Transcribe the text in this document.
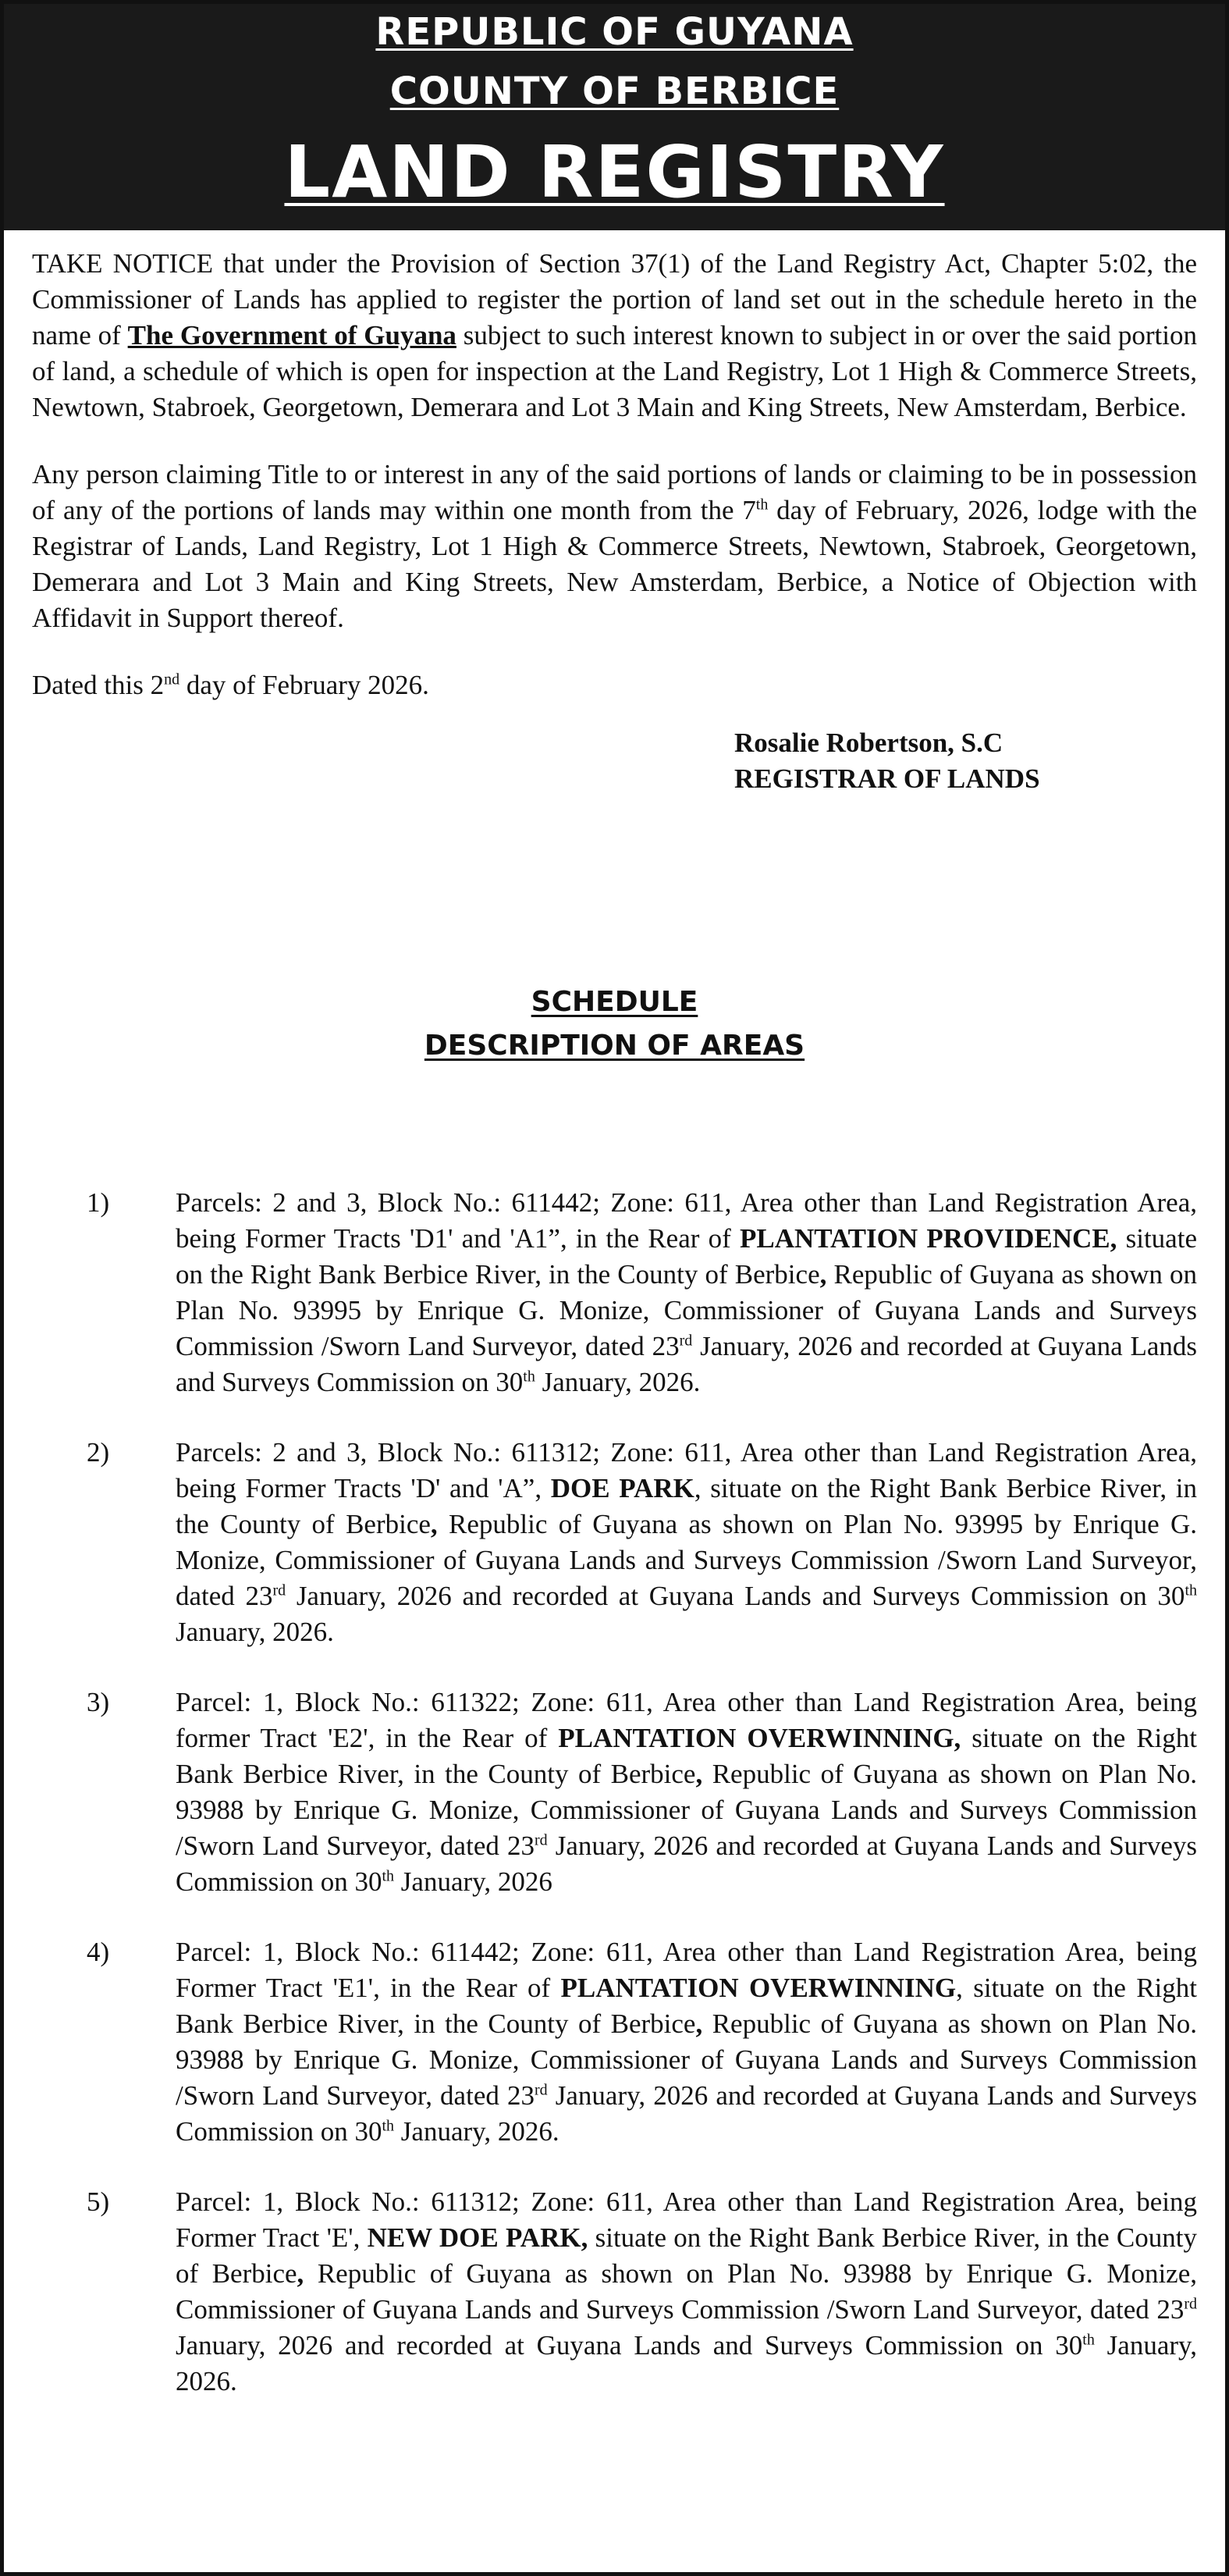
REPUBLIC OF GUYANA
COUNTY OF BERBICE
LAND REGISTRY

TAKE NOTICE that under the Provision of Section 37(1) of the Land Registry Act, Chapter 5:02, the Commissioner of Lands has applied to register the portion of land set out in the schedule hereto in the name of The Government of Guyana subject to such interest known to subject in or over the said portion of land, a schedule of which is open for inspection at the Land Registry, Lot 1 High & Commerce Streets, Newtown, Stabroek, Georgetown, Demerara and Lot 3 Main and King Streets, New Amsterdam, Berbice.

Any person claiming Title to or interest in any of the said portions of lands or claiming to be in possession of any of the portions of lands may within one month from the 7th day of February, 2026, lodge with the Registrar of Lands, Land Registry, Lot 1 High & Commerce Streets, Newtown, Stabroek, Georgetown, Demerara and Lot 3 Main and King Streets, New Amsterdam, Berbice, a Notice of Objection with Affidavit in Support thereof.

Dated this 2nd day of February 2026.

Rosalie Robertson, S.C
REGISTRAR OF LANDS
SCHEDULE
DESCRIPTION OF AREAS
1)	Parcels: 2 and 3, Block No.: 611442; Zone: 611, Area other than Land Registration Area, being Former Tracts 'D1' and 'A1”, in the Rear of PLANTATION PROVIDENCE, situate on the Right Bank Berbice River, in the County of Berbice, Republic of Guyana as shown on Plan No. 93995 by Enrique G. Monize, Commissioner of Guyana Lands and Surveys Commission /Sworn Land Surveyor, dated 23rd January, 2026 and recorded at Guyana Lands and Surveys Commission on 30th January, 2026.
2)	Parcels: 2 and 3, Block No.: 611312; Zone: 611, Area other than Land Registration Area, being Former Tracts 'D' and 'A”, DOE PARK, situate on the Right Bank Berbice River, in the County of Berbice, Republic of Guyana as shown on Plan No. 93995 by Enrique G. Monize, Commissioner of Guyana Lands and Surveys Commission /Sworn Land Surveyor, dated 23rd January, 2026 and recorded at Guyana Lands and Surveys Commission on 30th January, 2026.
3)	Parcel: 1, Block No.: 611322; Zone: 611, Area other than Land Registration Area, being former Tract 'E2', in the Rear of PLANTATION OVERWINNING, situate on the Right Bank Berbice River, in the County of Berbice, Republic of Guyana as shown on Plan No. 93988 by Enrique G. Monize, Commissioner of Guyana Lands and Surveys Commission /Sworn Land Surveyor, dated 23rd January, 2026 and recorded at Guyana Lands and Surveys Commission on 30th January, 2026
4)	Parcel: 1, Block No.: 611442; Zone: 611, Area other than Land Registration Area, being Former Tract 'E1', in the Rear of PLANTATION OVERWINNING, situate on the Right Bank Berbice River, in the County of Berbice, Republic of Guyana as shown on Plan No. 93988 by Enrique G. Monize, Commissioner of Guyana Lands and Surveys Commission /Sworn Land Surveyor, dated 23rd January, 2026 and recorded at Guyana Lands and Surveys Commission on 30th January, 2026.
5)	Parcel: 1, Block No.: 611312; Zone: 611, Area other than Land Registration Area, being Former Tract 'E', NEW DOE PARK, situate on the Right Bank Berbice River, in the County of Berbice, Republic of Guyana as shown on Plan No. 93988 by Enrique G. Monize, Commissioner of Guyana Lands and Surveys Commission /Sworn Land Surveyor, dated 23rd January, 2026 and recorded at Guyana Lands and Surveys Commission on 30th January, 2026.
